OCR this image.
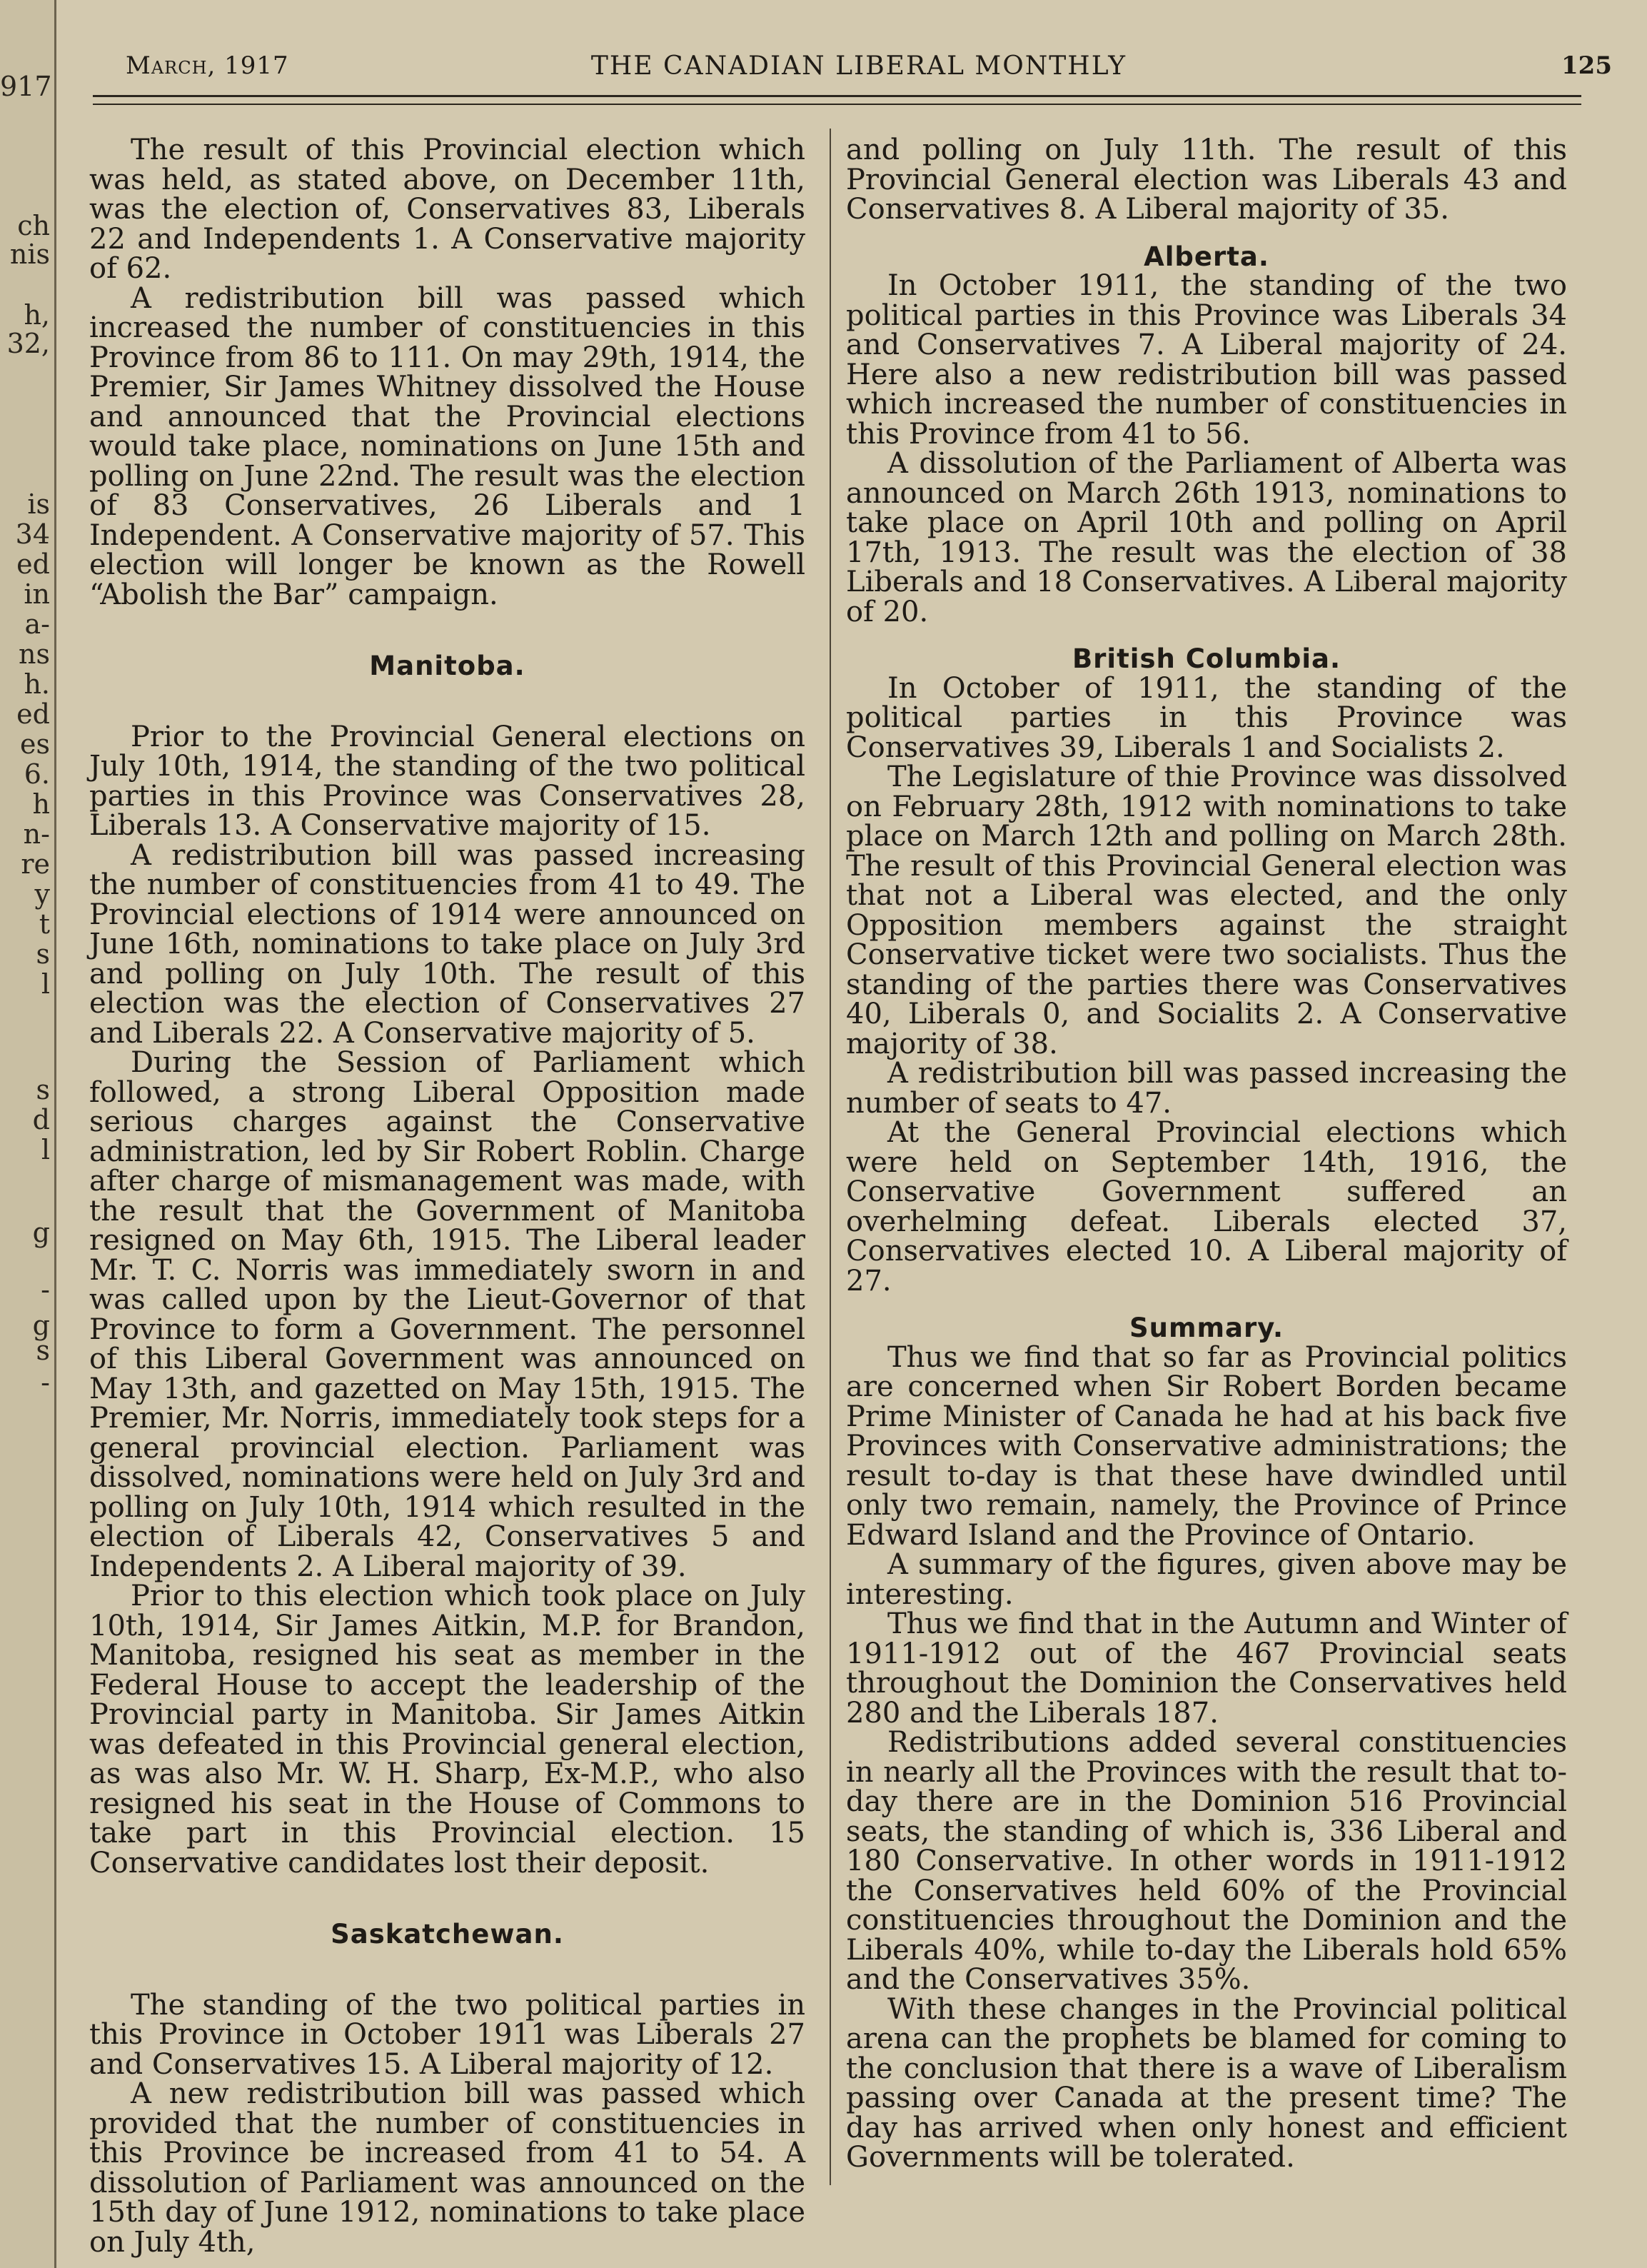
917
ch
nis
h,
32,
is
34
ed
in
a-
ns
h.
ed
es
6.
h
n-
re
y
t
s
l
s
d
l
g
-
g
s
-
March, 1917	THE CANADIAN LIBERAL MONTHLY	125

The result of this Provincial election which was held, as stated above, on December 11th, was the election of, Conservatives 83, Liberals 22 and Independents 1. A Conservative majority of 62.

A redistribution bill was passed which increased the number of constituencies in this Province from 86 to 111. On may 29th, 1914, the Premier, Sir James Whitney dissolved the House and announced that the Provincial elections would take place, nominations on June 15th and polling on June 22nd. The result was the election of 83 Conservatives, 26 Liberals and 1 Independent. A Conservative majority of 57. This election will longer be known as the Rowell “Abolish the Bar” campaign.

Manitoba.

Prior to the Provincial General elections on July 10th, 1914, the standing of the two political parties in this Province was Conservatives 28, Liberals 13. A Conservative majority of 15.

A redistribution bill was passed increasing the number of constituencies from 41 to 49. The Provincial elections of 1914 were announced on June 16th, nominations to take place on July 3rd and polling on July 10th. The result of this election was the election of Conservatives 27 and Liberals 22. A Conservative majority of 5.

During the Session of Parliament which followed, a strong Liberal Opposition made serious charges against the Conservative administration, led by Sir Robert Roblin. Charge after charge of mismanagement was made, with the result that the Government of Manitoba resigned on May 6th, 1915. The Liberal leader Mr. T. C. Norris was immediately sworn in and was called upon by the Lieut-Governor of that Province to form a Government. The personnel of this Liberal Government was announced on May 13th, and gazetted on May 15th, 1915. The Premier, Mr. Norris, immediately took steps for a general provincial election. Parliament was dissolved, nominations were held on July 3rd and polling on July 10th, 1914 which resulted in the election of Liberals 42, Conservatives 5 and Independents 2. A Liberal majority of 39.

Prior to this election which took place on July 10th, 1914, Sir James Aitkin, M.P. for Brandon, Manitoba, resigned his seat as member in the Federal House to accept the leadership of the Provincial party in Manitoba. Sir James Aitkin was defeated in this Provincial general election, as was also Mr. W. H. Sharp, Ex-M.P., who also resigned his seat in the House of Commons to take part in this Provincial election. 15 Conservative candidates lost their deposit.

Saskatchewan.

The standing of the two political parties in this Province in October 1911 was Liberals 27 and Conservatives 15. A Liberal majority of 12.

A new redistribution bill was passed which provided that the number of constituencies in this Province be increased from 41 to 54. A dissolution of Parliament was announced on the 15th day of June 1912, nominations to take place on July 4th,

and polling on July 11th. The result of this Provincial General election was Liberals 43 and Conservatives 8. A Liberal majority of 35.

Alberta.

In October 1911, the standing of the two political parties in this Province was Liberals 34 and Conservatives 7. A Liberal majority of 24. Here also a new redistribution bill was passed which increased the number of constituencies in this Province from 41 to 56.

A dissolution of the Parliament of Alberta was announced on March 26th 1913, nominations to take place on April 10th and polling on April 17th, 1913. The result was the election of 38 Liberals and 18 Conservatives. A Liberal majority of 20.

British Columbia.

In October of 1911, the standing of the political parties in this Province was Conservatives 39, Liberals 1 and Socialists 2.

The Legislature of thie Province was dissolved on February 28th, 1912 with nominations to take place on March 12th and polling on March 28th. The result of this Provincial General election was that not a Liberal was elected, and the only Opposition members against the straight Conservative ticket were two socialists. Thus the standing of the parties there was Conservatives 40, Liberals 0, and Socialits 2. A Conservative majority of 38.

A redistribution bill was passed increasing the number of seats to 47.

At the General Provincial elections which were held on September 14th, 1916, the Conservative Government suffered an overhelming defeat. Liberals elected 37, Conservatives elected 10. A Liberal majority of 27.

Summary.

Thus we find that so far as Provincial politics are concerned when Sir Robert Borden became Prime Minister of Canada he had at his back five Provinces with Conservative administrations; the result to-day is that these have dwindled until only two remain, namely, the Province of Prince Edward Island and the Province of Ontario.

A summary of the figures, given above may be interesting.

Thus we find that in the Autumn and Winter of 1911-1912 out of the 467 Provincial seats throughout the Dominion the Conservatives held 280 and the Liberals 187.

Redistributions added several constituencies in nearly all the Provinces with the result that to-day there are in the Dominion 516 Provincial seats, the standing of which is, 336 Liberal and 180 Conservative. In other words in 1911-1912 the Conservatives held 60% of the Provincial constituencies throughout the Dominion and the Liberals 40%, while to-day the Liberals hold 65% and the Conservatives 35%.

With these changes in the Provincial political arena can the prophets be blamed for coming to the conclusion that there is a wave of Liberalism passing over Canada at the present time? The day has arrived when only honest and efficient Governments will be tolerated.
